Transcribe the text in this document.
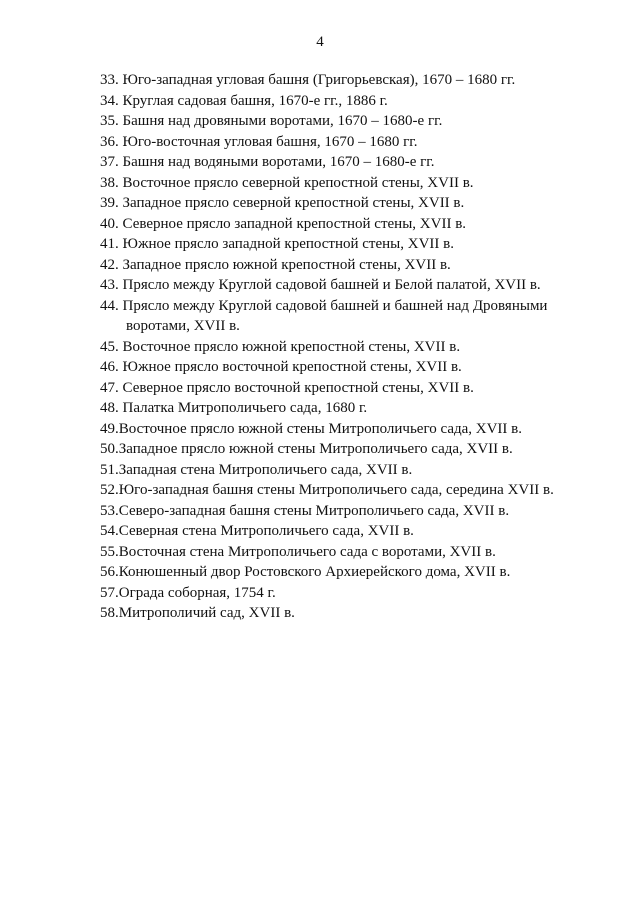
4
33. Юго-западная угловая башня (Григорьевская), 1670 – 1680 гг.
34. Круглая садовая башня, 1670-е гг., 1886 г.
35. Башня над дровяными воротами, 1670 – 1680-е гг.
36. Юго-восточная угловая башня, 1670 – 1680 гг.
37. Башня над водяными воротами, 1670 – 1680-е гг.
38. Восточное прясло северной крепостной стены, XVII в.
39. Западное прясло северной крепостной стены, XVII в.
40. Северное прясло западной крепостной стены, XVII в.
41. Южное прясло западной крепостной стены, XVII в.
42. Западное прясло южной крепостной стены, XVII в.
43. Прясло между Круглой садовой башней и Белой палатой, XVII в.
44. Прясло между Круглой садовой башней и башней над Дровяными
воротами, XVII в.
45. Восточное прясло южной крепостной стены, XVII в.
46. Южное прясло восточной крепостной стены, XVII в.
47. Северное прясло восточной крепостной стены, XVII в.
48. Палатка Митрополичьего сада, 1680 г.
49.Восточное прясло южной стены Митрополичьего сада, XVII в.
50.Западное прясло южной стены Митрополичьего сада, XVII в.
51.Западная стена Митрополичьего сада, XVII в.
52.Юго-западная башня стены Митрополичьего сада, середина XVII в.
53.Северо-западная башня стены Митрополичьего сада, XVII в.
54.Северная стена Митрополичьего сада, XVII в.
55.Восточная стена Митрополичьего сада с воротами, XVII в.
56.Конюшенный двор Ростовского Архиерейского дома, XVII в.
57.Ограда соборная, 1754 г.
58.Митрополичий сад, XVII в.
